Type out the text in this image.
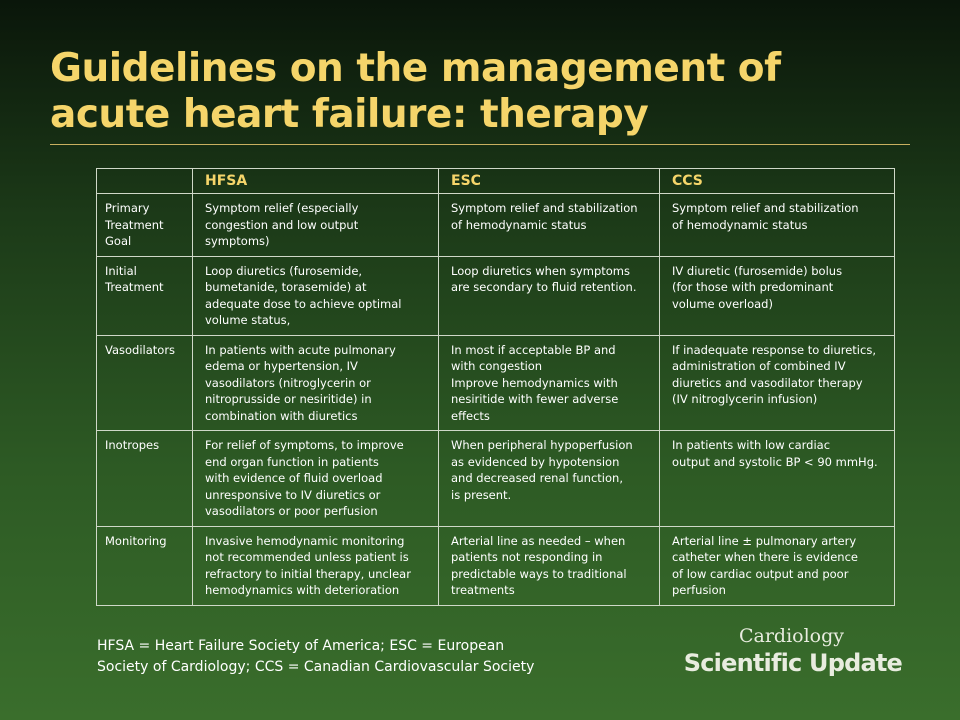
Guidelines on the management of
acute heart failure: therapy
	HFSA	ESC	CCS

Primary
Treatment
Goal	Symptom relief (especially
congestion and low output
symptoms)	Symptom relief and stabilization
of hemodynamic status	Symptom relief and stabilization
of hemodynamic status

Initial
Treatment	Loop diuretics (furosemide,
bumetanide, torasemide) at
adequate dose to achieve optimal
volume status,	Loop diuretics when symptoms
are secondary to fluid retention.	IV diuretic (furosemide) bolus
(for those with predominant
volume overload)

Vasodilators	In patients with acute pulmonary
edema or hypertension, IV
vasodilators (nitroglycerin or
nitroprusside or nesiritide) in
combination with diuretics	In most if acceptable BP and
with congestion
Improve hemodynamics with
nesiritide with fewer adverse
effects	If inadequate response to diuretics,
administration of combined IV
diuretics and vasodilator therapy
(IV nitroglycerin infusion)

Inotropes	For relief of symptoms, to improve
end organ function in patients
with evidence of fluid overload
unresponsive to IV diuretics or
vasodilators or poor perfusion	When peripheral hypoperfusion
as evidenced by hypotension
and decreased renal function,
is present.	In patients with low cardiac
output and systolic BP < 90 mmHg.

Monitoring	Invasive hemodynamic monitoring
not recommended unless patient is
refractory to initial therapy, unclear
hemodynamics with deterioration	Arterial line as needed – when
patients not responding in
predictable ways to traditional
treatments	Arterial line ± pulmonary artery
catheter when there is evidence
of low cardiac output and poor
perfusion
HFSA = Heart Failure Society of America; ESC = European
Society of Cardiology; CCS = Canadian Cardiovascular Society
Cardiology
Scientific Update
